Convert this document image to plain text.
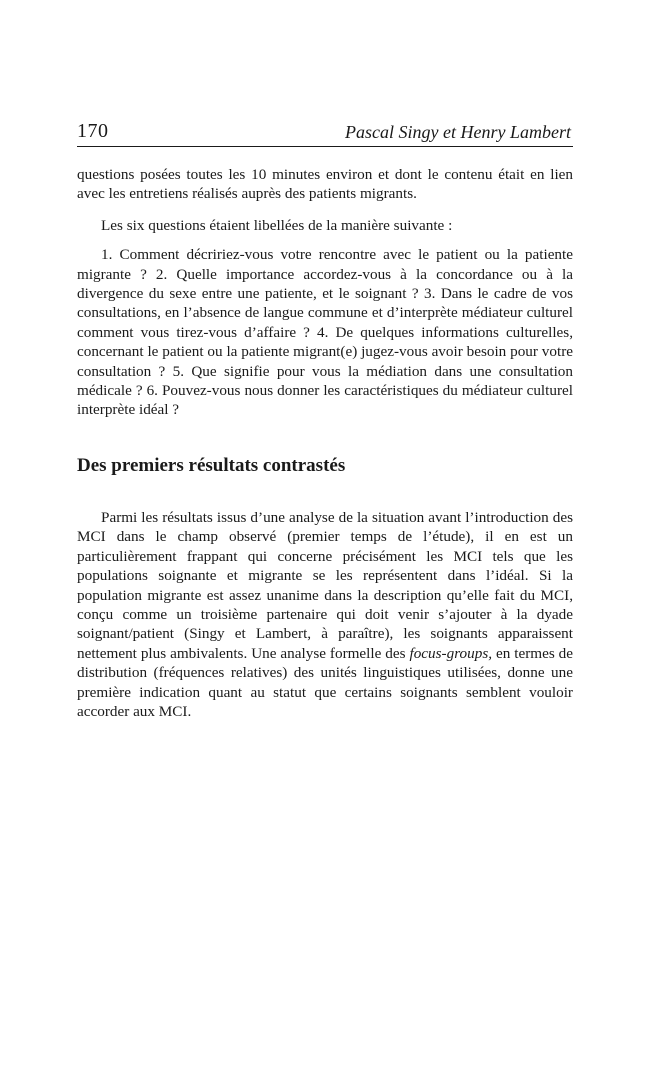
170	Pascal Singy et Henry Lambert

questions posées toutes les 10 minutes environ et dont le contenu était en lien avec les entretiens réalisés auprès des patients migrants.

Les six questions étaient libellées de la manière suivante :

1. Comment décririez-vous votre rencontre avec le patient ou la patiente migrante ? 2. Quelle importance accordez-vous à la concordance ou à la divergence du sexe entre une patiente, et le soignant ? 3. Dans le cadre de vos consultations, en l’absence de langue commune et d’interprète médiateur culturel comment vous tirez-vous d’affaire ? 4. De quelques informations culturelles, concernant le patient ou la patiente migrant(e) jugez-vous avoir besoin pour votre consultation ? 5. Que signifie pour vous la médiation dans une consultation médicale ? 6. Pouvez-vous nous donner les caractéristiques du médiateur culturel interprète idéal ?

Des premiers résultats contrastés

Parmi les résultats issus d’une analyse de la situation avant l’introduction des MCI dans le champ observé (premier temps de l’étude), il en est un particulièrement frappant qui concerne précisément les MCI tels que les populations soignante et migrante se les représentent dans l’idéal. Si la population migrante est assez unanime dans la description qu’elle fait du MCI, conçu comme un troisième partenaire qui doit venir s’ajouter à la dyade soignant/patient (Singy et Lambert, à paraître), les soignants apparaissent nettement plus ambivalents. Une analyse formelle des focus-groups, en termes de distribution (fréquences relatives) des unités linguistiques utilisées, donne une première indication quant au statut que certains soignants semblent vouloir accorder aux MCI.
